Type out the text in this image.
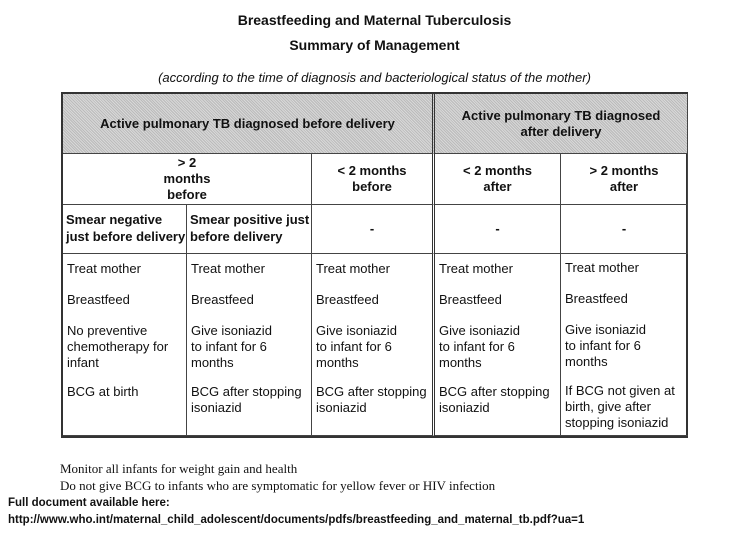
Breastfeeding and Maternal Tuberculosis
Summary of Management
(according to the time of diagnosis and bacteriological status of the mother)
Active pulmonary TB diagnosed before delivery
Active pulmonary TB diagnosed after delivery
> 2 months before
< 2 months before
< 2 months after
> 2 months after
Smear negative just before delivery
Smear positive just before delivery
-	-	-
Treat mother
Breastfeed
No preventive chemotherapy for infant
BCG at birth
Treat mother
Breastfeed
Give isoniazid to infant for 6 months
BCG after stopping isoniazid
Treat mother
Breastfeed
Give isoniazid to infant for 6 months
BCG after stopping isoniazid
Treat mother
Breastfeed
Give isoniazid to infant for 6 months
BCG after stopping isoniazid
Treat mother
Breastfeed
Give isoniazid to infant for 6 months
If BCG not given at birth, give after stopping isoniazid
Monitor all infants for weight gain and health
Do not give BCG to infants who are symptomatic for yellow fever or HIV infection
Full document available here:
http://www.who.int/maternal_child_adolescent/documents/pdfs/breastfeeding_and_maternal_tb.pdf?ua=1
